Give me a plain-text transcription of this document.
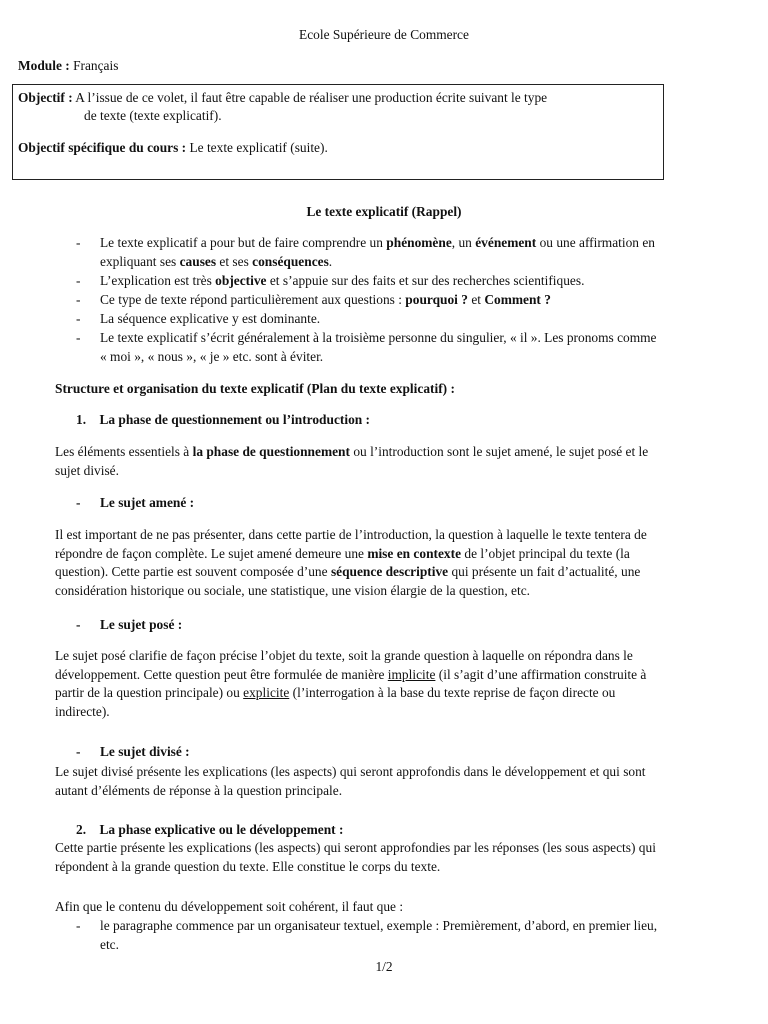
Ecole Supérieure de Commerce
Module : Français
Objectif : A l’issue de ce volet, il faut être capable de réaliser une production écrite suivant le type
de texte (texte explicatif).
Objectif spécifique du cours : Le texte explicatif (suite).
Le texte explicatif (Rappel)
- Le texte explicatif a pour but de faire comprendre un phénomène, un événement ou une affirmation en
expliquant ses causes et ses conséquences.
- L’explication est très objective et s’appuie sur des faits et sur des recherches scientifiques.
- Ce type de texte répond particulièrement aux questions : pourquoi ? et Comment ?
- La séquence explicative y est dominante.
- Le texte explicatif s’écrit généralement à la troisième personne du singulier, « il ». Les pronoms comme
« moi », « nous », « je » etc. sont à éviter.
Structure et organisation du texte explicatif (Plan du texte explicatif) :
1. La phase de questionnement ou l’introduction :
Les éléments essentiels à la phase de questionnement ou l’introduction sont le sujet amené, le sujet posé et le
sujet divisé.
- Le sujet amené :
Il est important de ne pas présenter, dans cette partie de l’introduction, la question à laquelle le texte tentera de
répondre de façon complète. Le sujet amené demeure une mise en contexte de l’objet principal du texte (la
question). Cette partie est souvent composée d’une séquence descriptive qui présente un fait d’actualité, une
considération historique ou sociale, une statistique, une vision élargie de la question, etc.
- Le sujet posé :
Le sujet posé clarifie de façon précise l’objet du texte, soit la grande question à laquelle on répondra dans le
développement. Cette question peut être formulée de manière implicite (il s’agit d’une affirmation construite à
partir de la question principale) ou explicite (l’interrogation à la base du texte reprise de façon directe ou
indirecte).
- Le sujet divisé :
Le sujet divisé présente les explications (les aspects) qui seront approfondis dans le développement et qui sont
autant d’éléments de réponse à la question principale.
2. La phase explicative ou le développement :
Cette partie présente les explications (les aspects) qui seront approfondies par les réponses (les sous aspects) qui
répondent à la grande question du texte. Elle constitue le corps du texte.
Afin que le contenu du développement soit cohérent, il faut que :
- le paragraphe commence par un organisateur textuel, exemple : Premièrement, d’abord, en premier lieu,
etc.
1/2
